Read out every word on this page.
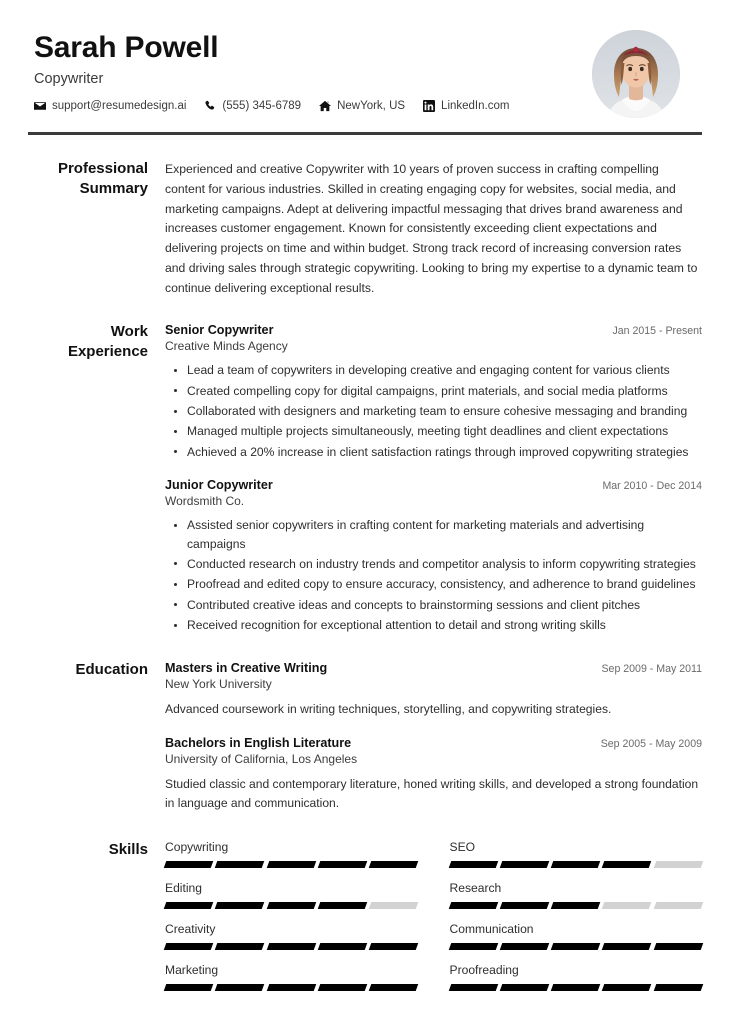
Sarah Powell
Copywriter
support@resumedesign.ai	(555) 345-6789	NewYork, US	LinkedIn.com
Professional Summary
Experienced and creative Copywriter with 10 years of proven success in crafting compelling content for various industries. Skilled in creating engaging copy for websites, social media, and marketing campaigns. Adept at delivering impactful messaging that drives brand awareness and increases customer engagement. Known for consistently exceeding client expectations and delivering projects on time and within budget. Strong track record of increasing conversion rates and driving sales through strategic copywriting. Looking to bring my expertise to a dynamic team to continue delivering exceptional results.
Work Experience
Senior Copywriter	Jan 2015 - Present
Creative Minds Agency
Lead a team of copywriters in developing creative and engaging content for various clients
Created compelling copy for digital campaigns, print materials, and social media platforms
Collaborated with designers and marketing team to ensure cohesive messaging and branding
Managed multiple projects simultaneously, meeting tight deadlines and client expectations
Achieved a 20% increase in client satisfaction ratings through improved copywriting strategies
Junior Copywriter	Mar 2010 - Dec 2014
Wordsmith Co.
Assisted senior copywriters in crafting content for marketing materials and advertising campaigns
Conducted research on industry trends and competitor analysis to inform copywriting strategies
Proofread and edited copy to ensure accuracy, consistency, and adherence to brand guidelines
Contributed creative ideas and concepts to brainstorming sessions and client pitches
Received recognition for exceptional attention to detail and strong writing skills
Education	Masters in Creative Writing	Sep 2009 - May 2011
New York University
Advanced coursework in writing techniques, storytelling, and copywriting strategies.
Bachelors in English Literature	Sep 2005 - May 2009
University of California, Los Angeles
Studied classic and contemporary literature, honed writing skills, and developed a strong foundation in language and communication.
Skills	Copywriting	SEO
Editing	Research
Creativity	Communication
Marketing	Proofreading
